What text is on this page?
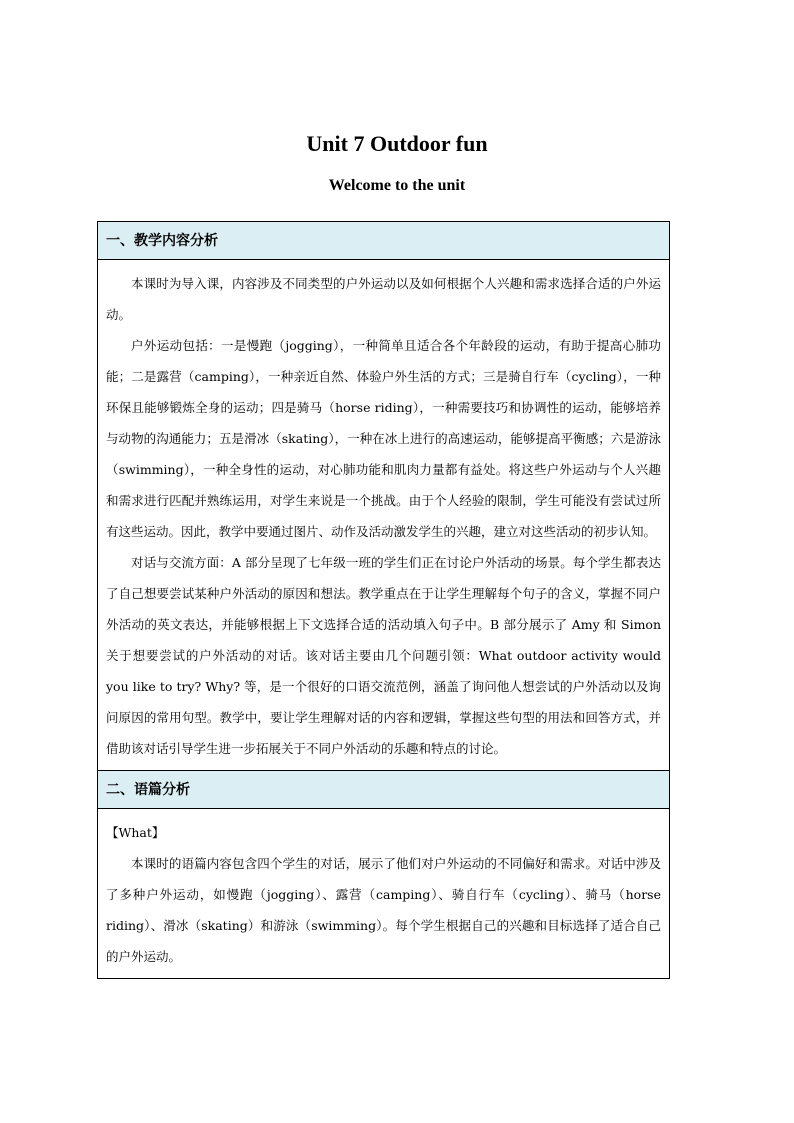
Unit 7 Outdoor fun
Welcome to the unit
一、教学内容分析

本课时为导入课，内容涉及不同类型的户外运动以及如何根据个人兴趣和需求选择合适的户外运动。

户外运动包括：一是慢跑（jogging），一种简单且适合各个年龄段的运动，有助于提高心肺功能；二是露营（camping），一种亲近自然、体验户外生活的方式；三是骑自行车（cycling），一种环保且能够锻炼全身的运动；四是骑马（horse riding），一种需要技巧和协调性的运动，能够培养与动物的沟通能力；五是滑冰（skating），一种在冰上进行的高速运动，能够提高平衡感；六是游泳（swimming），一种全身性的运动，对心肺功能和肌肉力量都有益处。将这些户外运动与个人兴趣和需求进行匹配并熟练运用，对学生来说是一个挑战。由于个人经验的限制，学生可能没有尝试过所有这些运动。因此，教学中要通过图片、动作及活动激发学生的兴趣，建立对这些活动的初步认知。

对话与交流方面：A 部分呈现了七年级一班的学生们正在讨论户外活动的场景。每个学生都表达了自己想要尝试某种户外活动的原因和想法。教学重点在于让学生理解每个句子的含义，掌握不同户外活动的英文表达，并能够根据上下文选择合适的活动填入句子中。B 部分展示了 Amy 和 Simon 关于想要尝试的户外活动的对话。该对话主要由几个问题引领：What outdoor activity would you like to try? Why? 等，是一个很好的口语交流范例，涵盖了询问他人想尝试的户外活动以及询问原因的常用句型。教学中，要让学生理解对话的内容和逻辑，掌握这些句型的用法和回答方式，并借助该对话引导学生进一步拓展关于不同户外活动的乐趣和特点的讨论。

二、语篇分析

【What】

本课时的语篇内容包含四个学生的对话，展示了他们对户外运动的不同偏好和需求。对话中涉及了多种户外运动，如慢跑（jogging）、露营（camping）、骑自行车（cycling）、骑马（horse riding）、滑冰（skating）和游泳（swimming）。每个学生根据自己的兴趣和目标选择了适合自己的户外运动。
